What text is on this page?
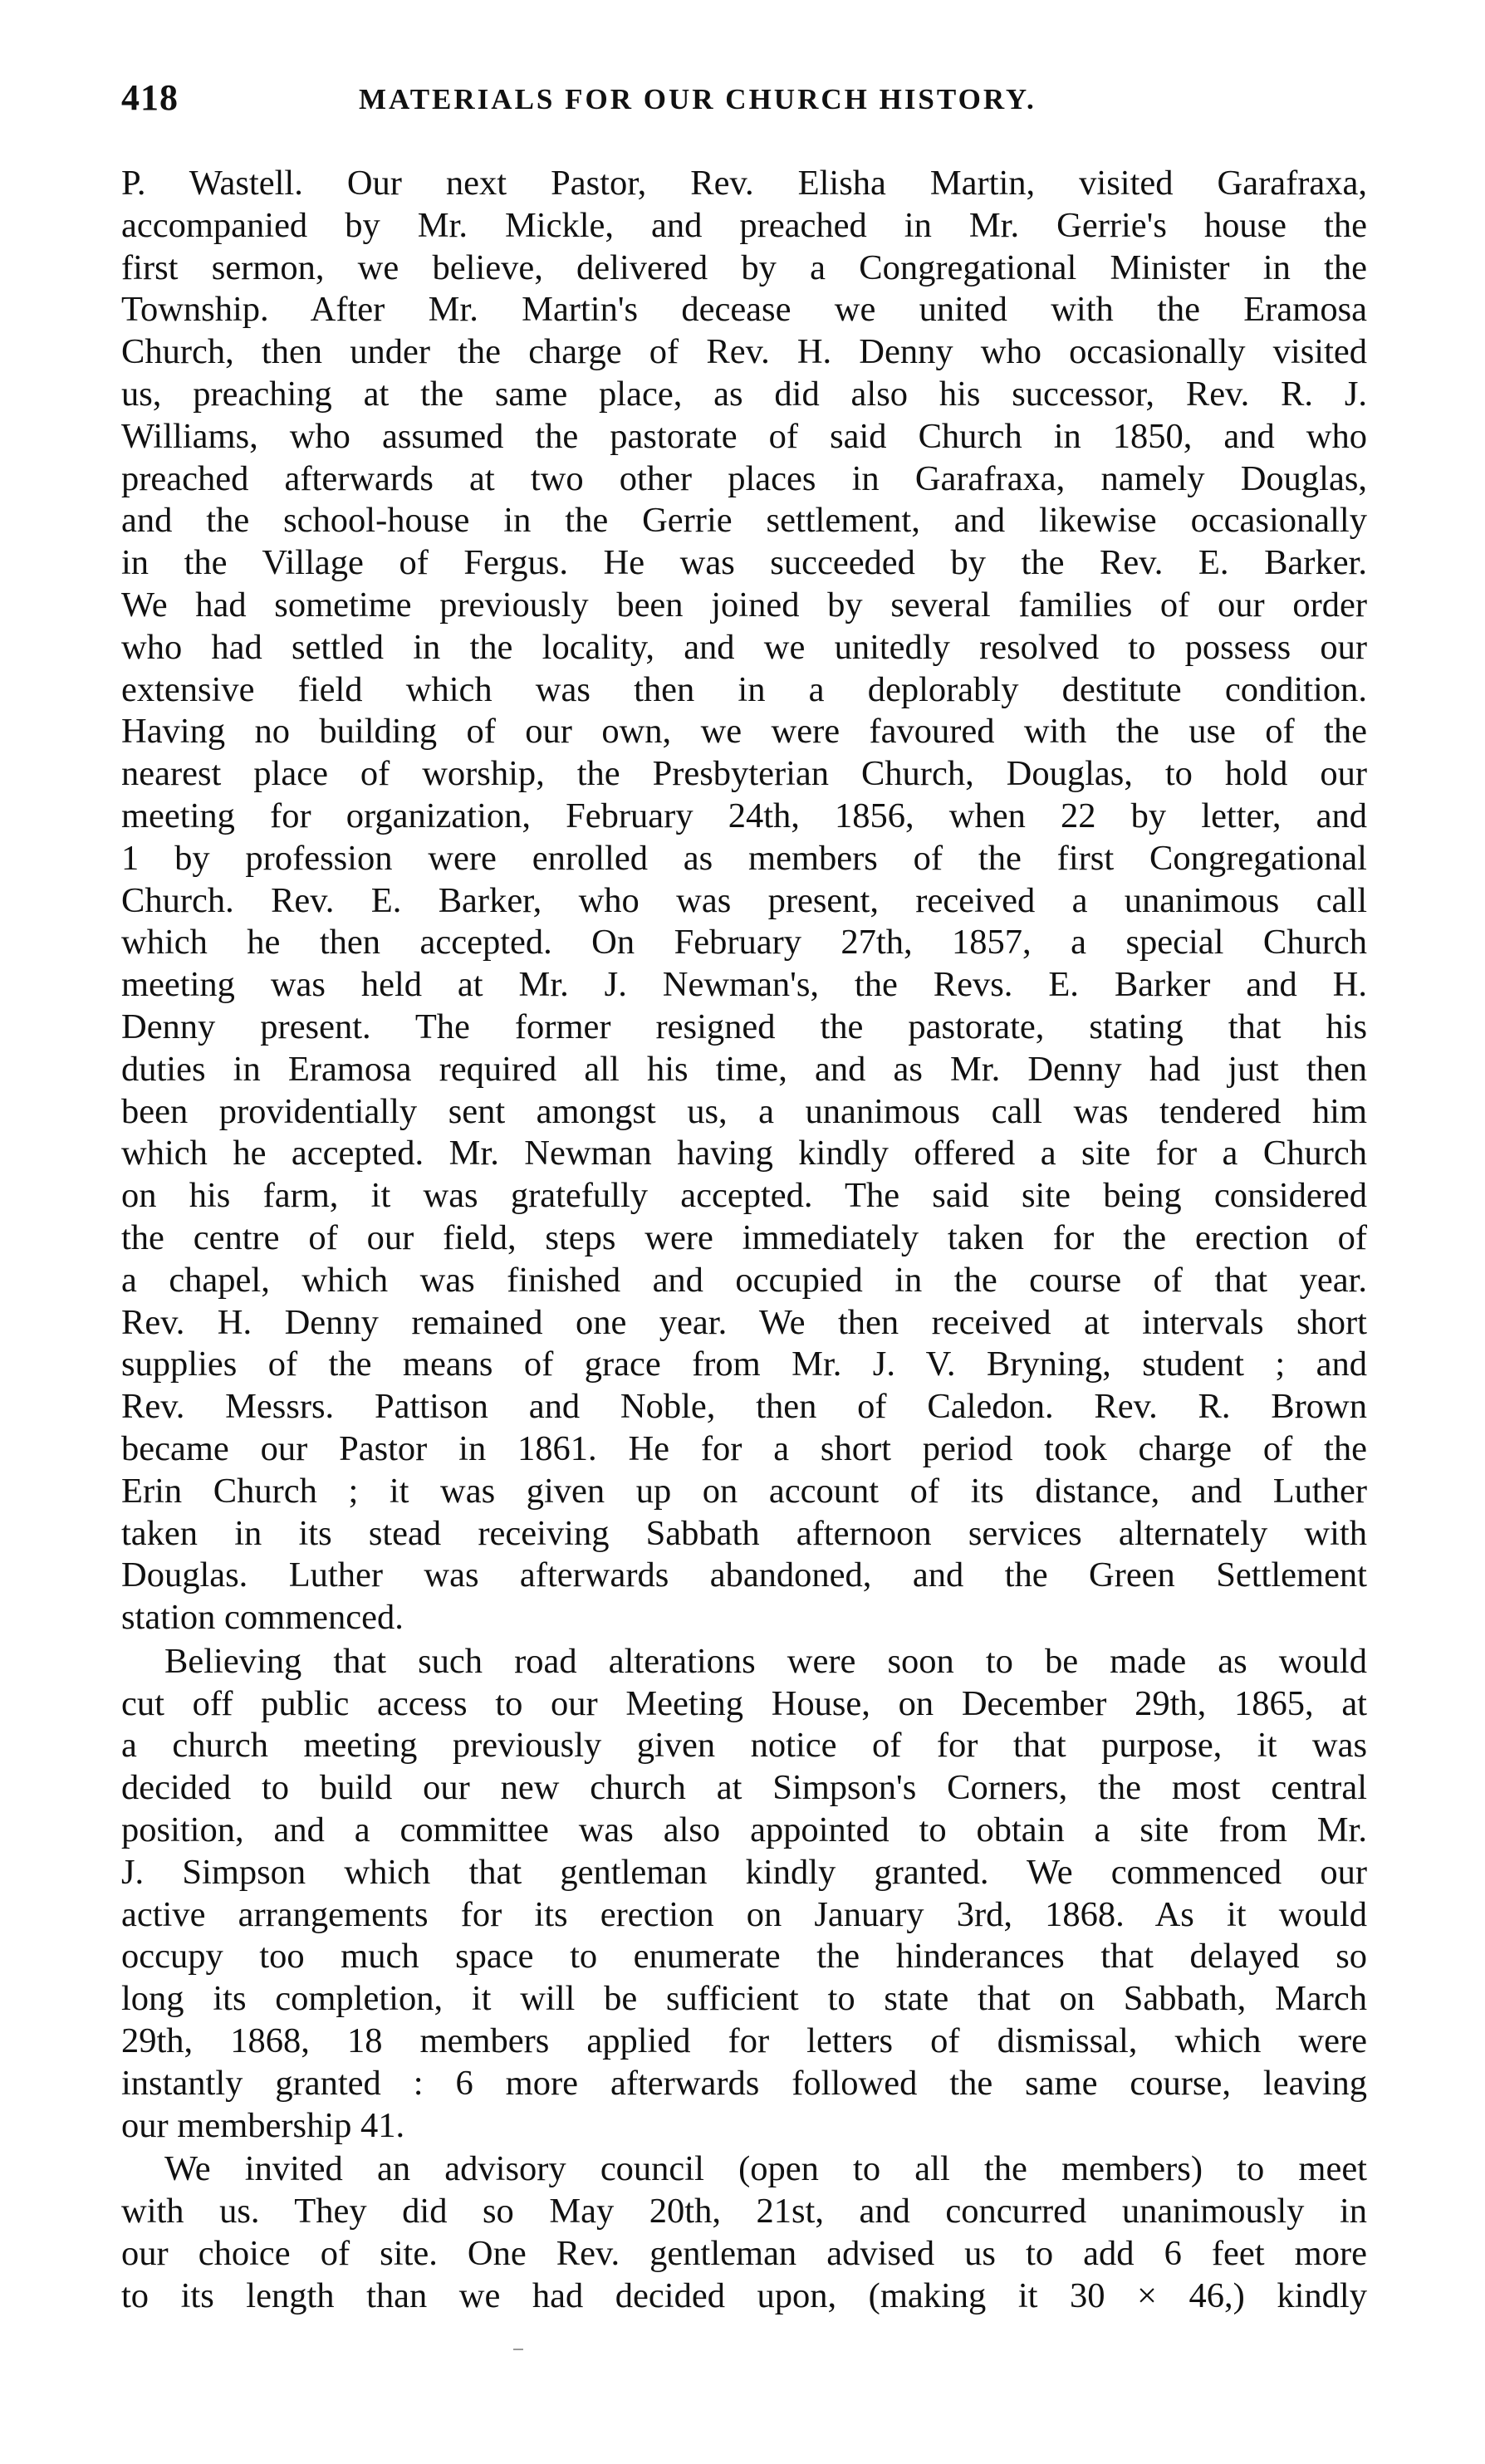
418	MATERIALS FOR OUR CHURCH HISTORY.
P. Wastell. Our next Pastor, Rev. Elisha Martin, visited Garafraxa,
accompanied by Mr. Mickle, and preached in Mr. Gerrie's house the
first sermon, we believe, delivered by a Congregational Minister in the
Township. After Mr. Martin's decease we united with the Eramosa
Church, then under the charge of Rev. H. Denny who occasionally visited
us, preaching at the same place, as did also his successor, Rev. R. J.
Williams, who assumed the pastorate of said Church in 1850, and who
preached afterwards at two other places in Garafraxa, namely Douglas,
and the school-house in the Gerrie settlement, and likewise occasionally
in the Village of Fergus. He was succeeded by the Rev. E. Barker.
We had sometime previously been joined by several families of our order
who had settled in the locality, and we unitedly resolved to possess our
extensive field which was then in a deplorably destitute condition.
Having no building of our own, we were favoured with the use of the
nearest place of worship, the Presbyterian Church, Douglas, to hold our
meeting for organization, February 24th, 1856, when 22 by letter, and
1 by profession were enrolled as members of the first Congregational
Church. Rev. E. Barker, who was present, received a unanimous call
which he then accepted. On February 27th, 1857, a special Church
meeting was held at Mr. J. Newman's, the Revs. E. Barker and H.
Denny present. The former resigned the pastorate, stating that his
duties in Eramosa required all his time, and as Mr. Denny had just then
been providentially sent amongst us, a unanimous call was tendered him
which he accepted. Mr. Newman having kindly offered a site for a Church
on his farm, it was gratefully accepted. The said site being considered
the centre of our field, steps were immediately taken for the erection of
a chapel, which was finished and occupied in the course of that year.
Rev. H. Denny remained one year. We then received at intervals short
supplies of the means of grace from Mr. J. V. Bryning, student ; and
Rev. Messrs. Pattison and Noble, then of Caledon. Rev. R. Brown
became our Pastor in 1861. He for a short period took charge of the
Erin Church ; it was given up on account of its distance, and Luther
taken in its stead receiving Sabbath afternoon services alternately with
Douglas. Luther was afterwards abandoned, and the Green Settlement
station commenced.
Believing that such road alterations were soon to be made as would
cut off public access to our Meeting House, on December 29th, 1865, at
a church meeting previously given notice of for that purpose, it was
decided to build our new church at Simpson's Corners, the most central
position, and a committee was also appointed to obtain a site from Mr.
J. Simpson which that gentleman kindly granted. We commenced our
active arrangements for its erection on January 3rd, 1868. As it would
occupy too much space to enumerate the hinderances that delayed so
long its completion, it will be sufficient to state that on Sabbath, March
29th, 1868, 18 members applied for letters of dismissal, which were
instantly granted : 6 more afterwards followed the same course, leaving
our membership 41.
We invited an advisory council (open to all the members) to meet
with us. They did so May 20th, 21st, and concurred unanimously in
our choice of site. One Rev. gentleman advised us to add 6 feet more
to its length than we had decided upon, (making it 30 × 46,) kindly
